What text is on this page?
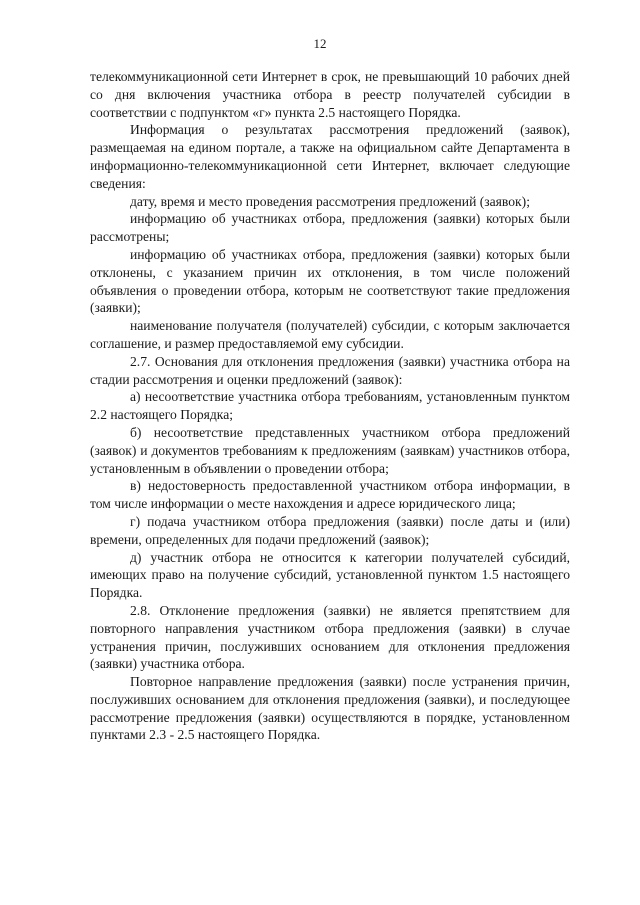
12

телекоммуникационной сети Интернет в срок, не превышающий 10 рабочих дней со дня включения участника отбора в реестр получателей субсидии в соответствии с подпунктом «г» пункта 2.5 настоящего Порядка.

Информация о результатах рассмотрения предложений (заявок), размещаемая на едином портале, а также на официальном сайте Департамента в информационно-телекоммуникационной сети Интернет, включает следующие сведения:

дату, время и место проведения рассмотрения предложений (заявок);

информацию об участниках отбора, предложения (заявки) которых были рассмотрены;

информацию об участниках отбора, предложения (заявки) которых были отклонены, с указанием причин их отклонения, в том числе положений объявления о проведении отбора, которым не соответствуют такие предложения (заявки);

наименование получателя (получателей) субсидии, с которым заключается соглашение, и размер предоставляемой ему субсидии.

2.7. Основания для отклонения предложения (заявки) участника отбора на стадии рассмотрения и оценки предложений (заявок):

а) несоответствие участника отбора требованиям, установленным пунктом 2.2 настоящего Порядка;

б) несоответствие представленных участником отбора предложений (заявок) и документов требованиям к предложениям (заявкам) участников отбора, установленным в объявлении о проведении отбора;

в) недостоверность предоставленной участником отбора информации, в том числе информации о месте нахождения и адресе юридического лица;

г) подача участником отбора предложения (заявки) после даты и (или) времени, определенных для подачи предложений (заявок);

д) участник отбора не относится к категории получателей субсидий, имеющих право на получение субсидий, установленной пунктом 1.5 настоящего Порядка.

2.8. Отклонение предложения (заявки) не является препятствием для повторного направления участником отбора предложения (заявки) в случае устранения причин, послуживших основанием для отклонения предложения (заявки) участника отбора.

Повторное направление предложения (заявки) после устранения причин, послуживших основанием для отклонения предложения (заявки), и последующее рассмотрение предложения (заявки) осуществляются в порядке, установленном пунктами 2.3 - 2.5 настоящего Порядка.
